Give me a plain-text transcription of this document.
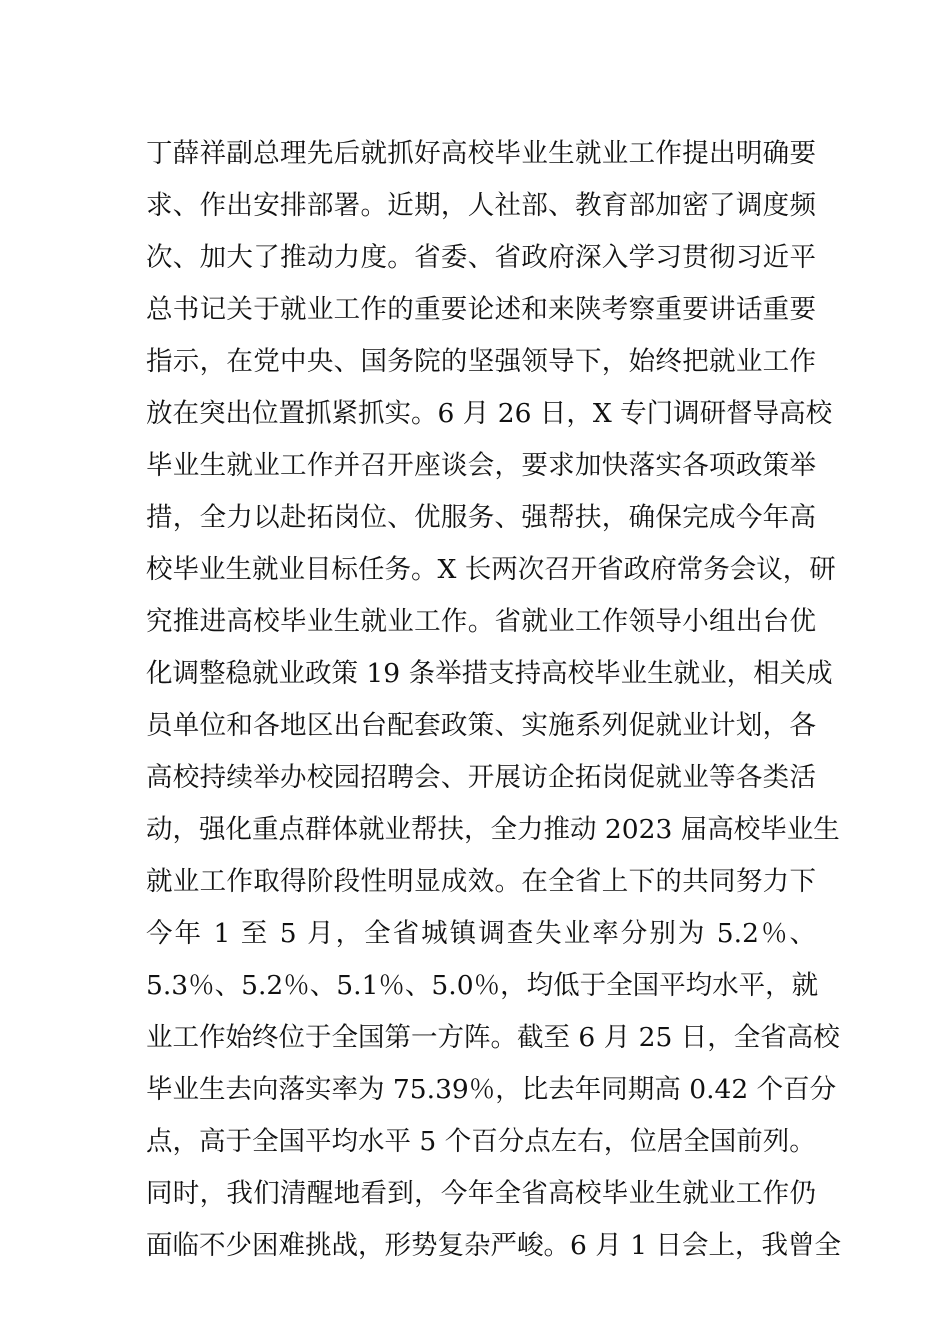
丁薛祥副总理先后就抓好高校毕业生就业工作提出明确要
求、作出安排部署。近期，人社部、教育部加密了调度频
次、加大了推动力度。省委、省政府深入学习贯彻习近平
总书记关于就业工作的重要论述和来陕考察重要讲话重要
指示，在党中央、国务院的坚强领导下，始终把就业工作
放在突出位置抓紧抓实。6 月 26 日，X 专门调研督导高校
毕业生就业工作并召开座谈会，要求加快落实各项政策举
措，全力以赴拓岗位、优服务、强帮扶，确保完成今年高
校毕业生就业目标任务。X 长两次召开省政府常务会议，研
究推进高校毕业生就业工作。省就业工作领导小组出台优
化调整稳就业政策 19 条举措支持高校毕业生就业，相关成
员单位和各地区出台配套政策、实施系列促就业计划，各
高校持续举办校园招聘会、开展访企拓岗促就业等各类活
动，强化重点群体就业帮扶，全力推动 2023 届高校毕业生
就业工作取得阶段性明显成效。在全省上下的共同努力下
今年 1 至 5 月，全省城镇调查失业率分别为 5.2％、
5.3％、5.2％、5.1％、5.0％，均低于全国平均水平，就
业工作始终位于全国第一方阵。截至 6 月 25 日，全省高校
毕业生去向落实率为 75.39％，比去年同期高 0.42 个百分
点，高于全国平均水平 5 个百分点左右，位居全国前列。
同时，我们清醒地看到，今年全省高校毕业生就业工作仍
面临不少困难挑战，形势复杂严峻。6 月 1 日会上，我曾全
